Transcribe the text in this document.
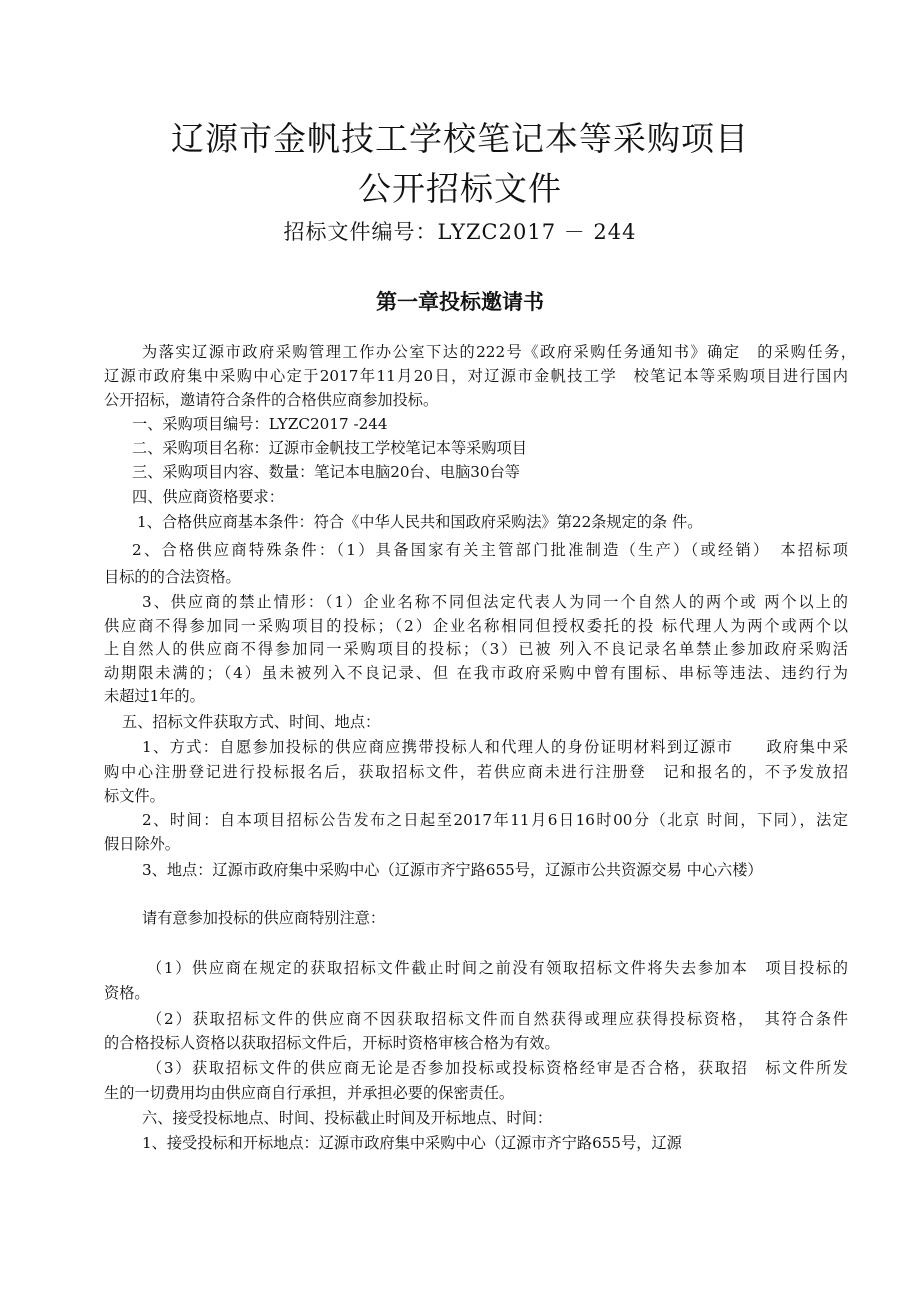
辽源市金帆技工学校笔记本等采购项目
公开招标文件
招标文件编号：LYZC2017 － 244
第一章投标邀请书
为落实辽源市政府采购管理工作办公室下达的222号《政府采购任务通知书》确定　的采购任务，
辽源市政府集中采购中心定于2017年11月20日，对辽源市金帆技工学　校笔记本等采购项目进行国内
公开招标，邀请符合条件的合格供应商参加投标。
一、采购项目编号：LYZC2017 -244
二、采购项目名称：辽源市金帆技工学校笔记本等采购项目
三、采购项目内容、数量：笔记本电脑20台、电脑30台等
四、供应商资格要求：
1、合格供应商基本条件：符合《中华人民共和国政府采购法》第22条规定的条 件。
2、合格供应商特殊条件：（1）具备国家有关主管部门批准制造（生产）（或经销）　本招标项
目标的的合法资格。
3、供应商的禁止情形：（1）企业名称不同但法定代表人为同一个自然人的两个或 两个以上的
供应商不得参加同一采购项目的投标；（2）企业名称相同但授权委托的投 标代理人为两个或两个以
上自然人的供应商不得参加同一采购项目的投标；（3）已被 列入不良记录名单禁止参加政府采购活
动期限未满的；（4）虽未被列入不良记录、但 在我市政府采购中曾有围标、串标等违法、违约行为
未超过1年的。
五、招标文件获取方式、时间、地点：
1、方式：自愿参加投标的供应商应携带投标人和代理人的身份证明材料到辽源市　　政府集中采
购中心注册登记进行投标报名后，获取招标文件，若供应商未进行注册登　记和报名的，不予发放招
标文件。
2、时间：自本项目招标公告发布之日起至2017年11月6日16时00分（北京 时间，下同），法定
假日除外。
3、地点：辽源市政府集中采购中心（辽源市齐宁路655号，辽源市公共资源交易 中心六楼）
请有意参加投标的供应商特别注意：
（1）供应商在规定的获取招标文件截止时间之前没有领取招标文件将失去参加本　项目投标的
资格。
（2）获取招标文件的供应商不因获取招标文件而自然获得或理应获得投标资格，　其符合条件
的合格投标人资格以获取招标文件后，开标时资格审核合格为有效。
（3）获取招标文件的供应商无论是否参加投标或投标资格经审是否合格，获取招　标文件所发
生的一切费用均由供应商自行承担，并承担必要的保密责任。
六、接受投标地点、时间、投标截止时间及开标地点、时间：
1、接受投标和开标地点：辽源市政府集中采购中心（辽源市齐宁路655号，辽源
